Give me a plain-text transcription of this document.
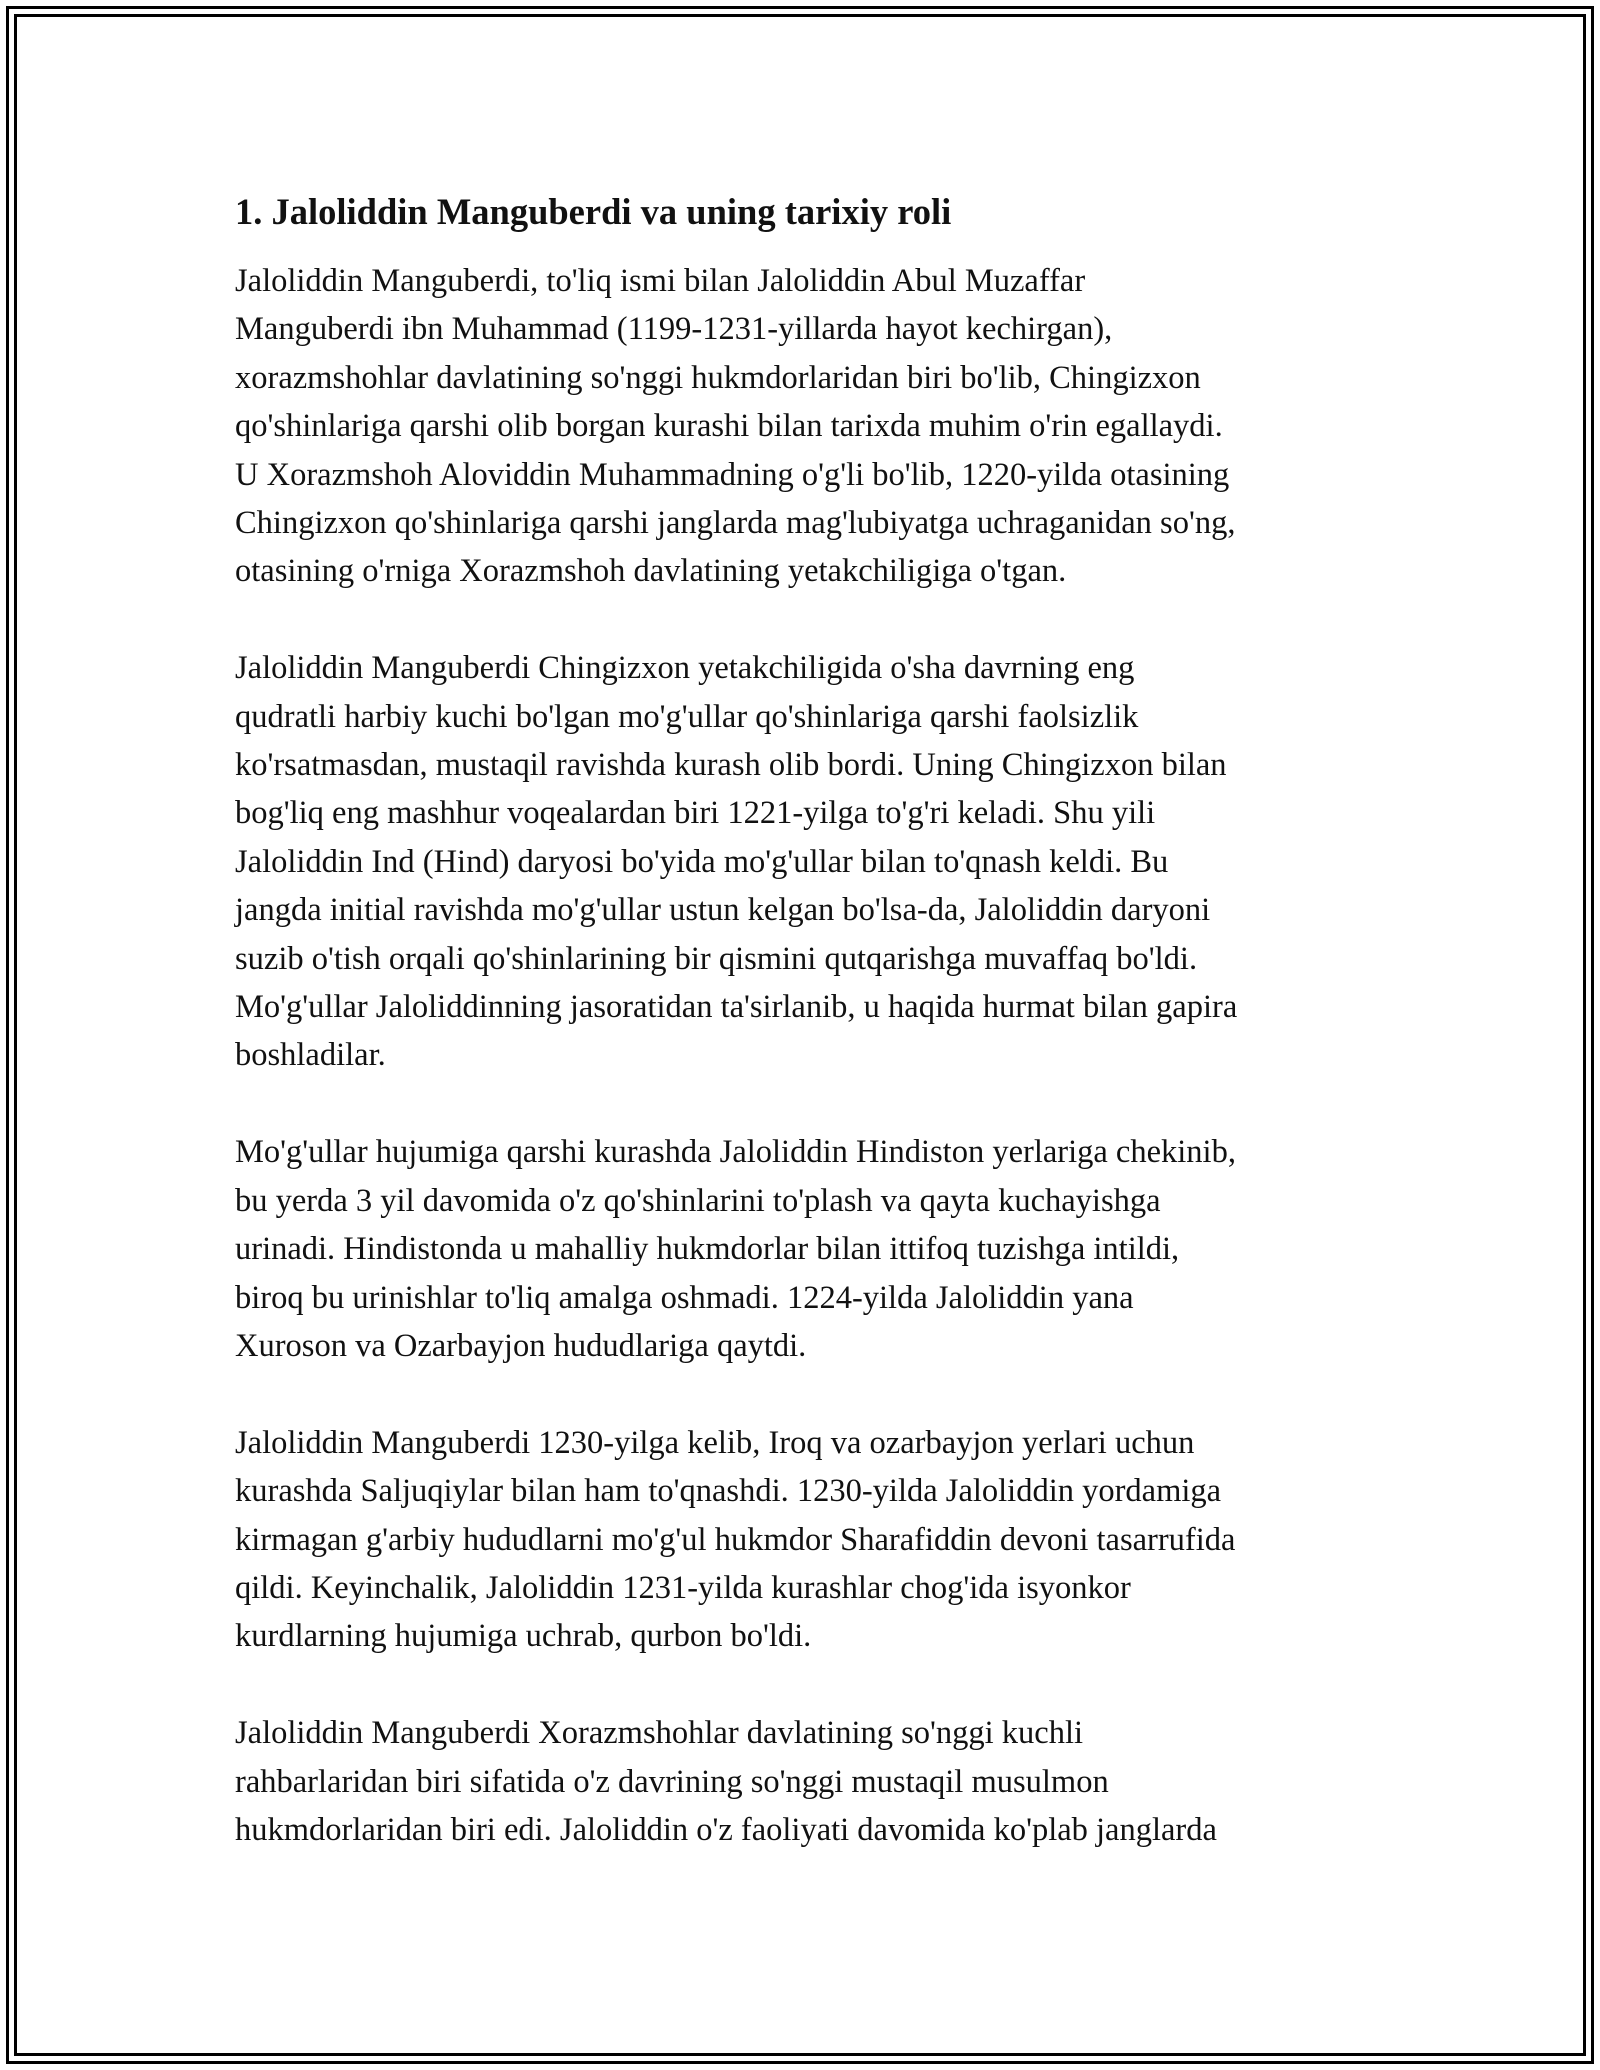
1. Jaloliddin Manguberdi va uning tarixiy roli
Jaloliddin Manguberdi, to'liq ismi bilan Jaloliddin Abul Muzaffar
Manguberdi ibn Muhammad (1199-1231-yillarda hayot kechirgan),
xorazmshohlar davlatining so'nggi hukmdorlaridan biri bo'lib, Chingizxon
qo'shinlariga qarshi olib borgan kurashi bilan tarixda muhim o'rin egallaydi.
U Xorazmshoh Aloviddin Muhammadning o'g'li bo'lib, 1220-yilda otasining
Chingizxon qo'shinlariga qarshi janglarda mag'lubiyatga uchraganidan so'ng,
otasining o'rniga Xorazmshoh davlatining yetakchiligiga o'tgan.
Jaloliddin Manguberdi Chingizxon yetakchiligida o'sha davrning eng
qudratli harbiy kuchi bo'lgan mo'g'ullar qo'shinlariga qarshi faolsizlik
ko'rsatmasdan, mustaqil ravishda kurash olib bordi. Uning Chingizxon bilan
bog'liq eng mashhur voqealardan biri 1221-yilga to'g'ri keladi. Shu yili
Jaloliddin Ind (Hind) daryosi bo'yida mo'g'ullar bilan to'qnash keldi. Bu
jangda initial ravishda mo'g'ullar ustun kelgan bo'lsa-da, Jaloliddin daryoni
suzib o'tish orqali qo'shinlarining bir qismini qutqarishga muvaffaq bo'ldi.
Mo'g'ullar Jaloliddinning jasoratidan ta'sirlanib, u haqida hurmat bilan gapira
boshladilar.
Mo'g'ullar hujumiga qarshi kurashda Jaloliddin Hindiston yerlariga chekinib,
bu yerda 3 yil davomida o'z qo'shinlarini to'plash va qayta kuchayishga
urinadi. Hindistonda u mahalliy hukmdorlar bilan ittifoq tuzishga intildi,
biroq bu urinishlar to'liq amalga oshmadi. 1224-yilda Jaloliddin yana
Xuroson va Ozarbayjon hududlariga qaytdi.
Jaloliddin Manguberdi 1230-yilga kelib, Iroq va ozarbayjon yerlari uchun
kurashda Saljuqiylar bilan ham to'qnashdi. 1230-yilda Jaloliddin yordamiga
kirmagan g'arbiy hududlarni mo'g'ul hukmdor Sharafiddin devoni tasarrufida
qildi. Keyinchalik, Jaloliddin 1231-yilda kurashlar chog'ida isyonkor
kurdlarning hujumiga uchrab, qurbon bo'ldi.
Jaloliddin Manguberdi Xorazmshohlar davlatining so'nggi kuchli
rahbarlaridan biri sifatida o'z davrining so'nggi mustaqil musulmon
hukmdorlaridan biri edi. Jaloliddin o'z faoliyati davomida ko'plab janglarda
